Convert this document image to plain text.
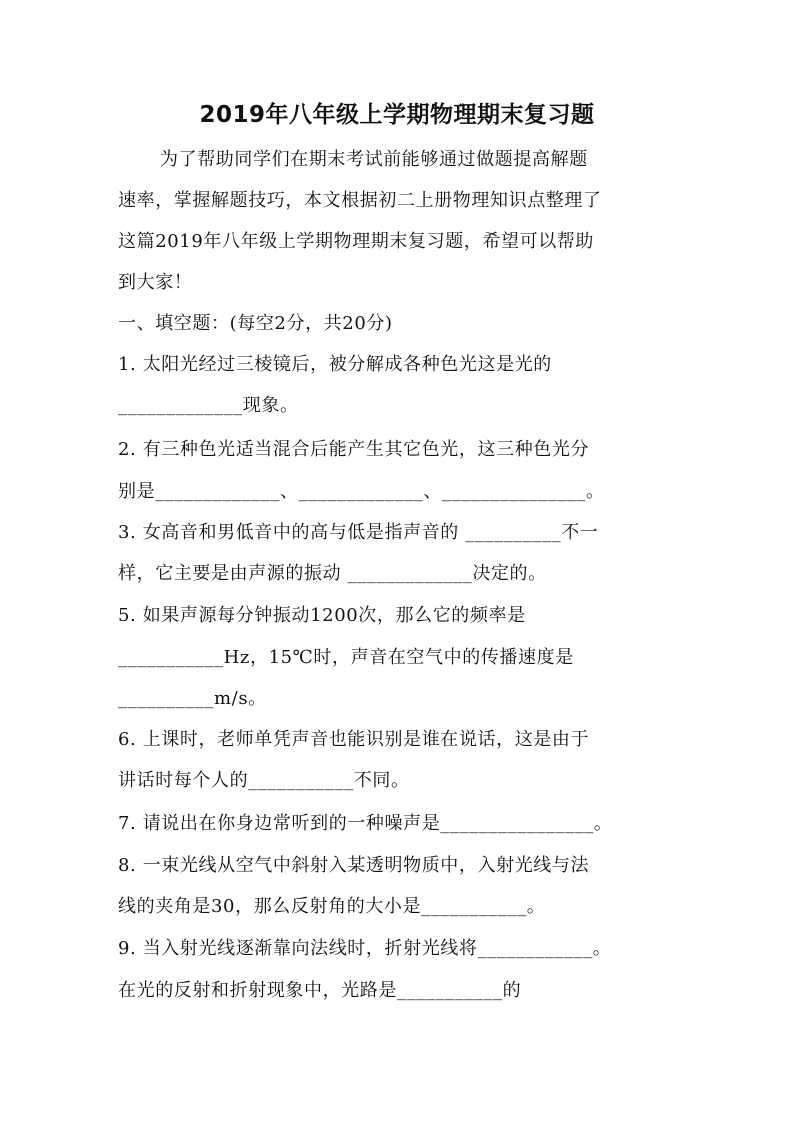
2019年八年级上学期物理期末复习题
为了帮助同学们在期末考试前能够通过做题提高解题
速率，掌握解题技巧，本文根据初二上册物理知识点整理了
这篇2019年八年级上学期物理期末复习题，希望可以帮助
到大家！
一、填空题：(每空2分，共20分)
1. 太阳光经过三棱镜后，被分解成各种色光这是光的
_____________现象。
2. 有三种色光适当混合后能产生其它色光，这三种色光分
别是_____________、_____________、_______________。
3. 女高音和男低音中的高与低是指声音的 __________不一
样，它主要是由声源的振动 _____________决定的。
5. 如果声源每分钟振动1200次，那么它的频率是
___________Hz，15℃时，声音在空气中的传播速度是
__________m/s。
6. 上课时，老师单凭声音也能识别是谁在说话，这是由于
讲话时每个人的___________不同。
7. 请说出在你身边常听到的一种噪声是________________。
8. 一束光线从空气中斜射入某透明物质中，入射光线与法
线的夹角是30，那么反射角的大小是___________。
9. 当入射光线逐渐靠向法线时，折射光线将____________。
在光的反射和折射现象中，光路是___________的
